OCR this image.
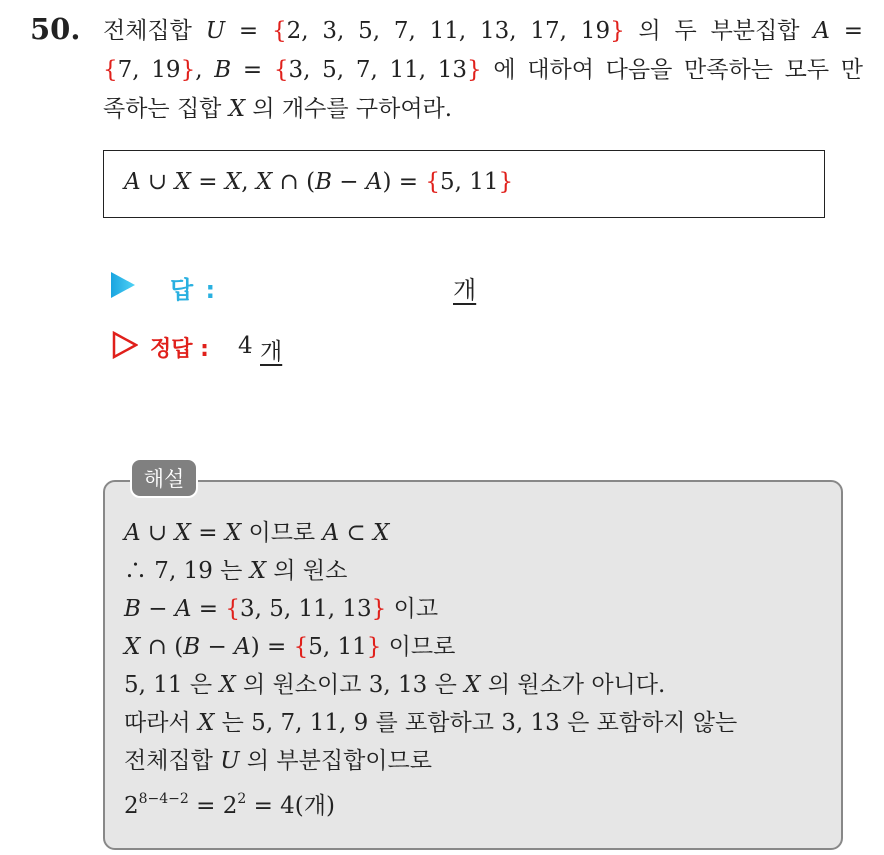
50. 전체집합 U = {2, 3, 5, 7, 11, 13, 17, 19} 의 두 부분집합 A =
{7, 19}, B = {3, 5, 7, 11, 13} 에 대하여 다음을 만족하는 모두 만
족하는 집합 X 의 개수를 구하여라.
A ∪ X = X, X ∩ (B − A) = {5, 11}
답 :	개
정답 : 4 개
해설
A ∪ X = X 이므로 A ⊂ X
∴ 7, 19 는 X 의 원소
B − A = {3, 5, 11, 13} 이고
X ∩ (B − A) = {5, 11} 이므로
5, 11 은 X 의 원소이고 3, 13 은 X 의 원소가 아니다.
따라서 X 는 5, 7, 11, 9 를 포함하고 3, 13 은 포함하지 않는
전체집합 U 의 부분집합이므로
$2^{8-4-2} = 2^2 = 4$(개)
